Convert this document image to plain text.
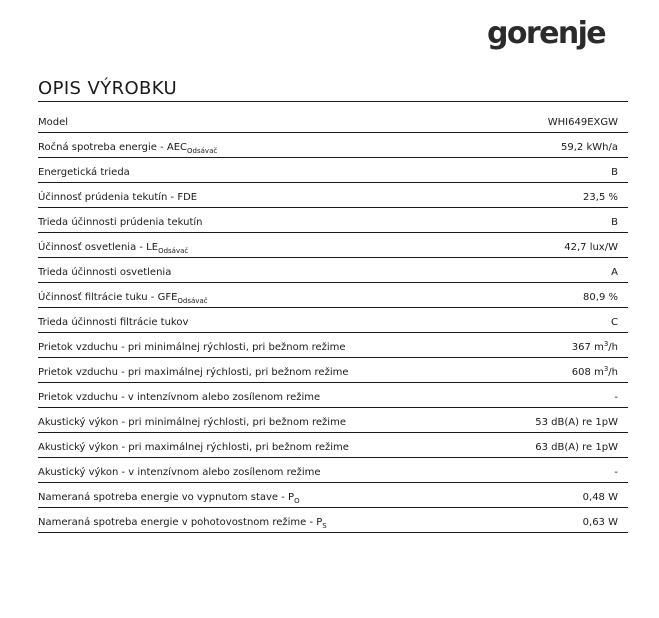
gorenje
OPIS VÝROBKU
Model	WHI649EXGW
Ročná spotreba energie - $AEC_{Odsávač}$	59,2 kWh/a
Energetická trieda	B
Účinnosť prúdenia tekutín - FDE	23,5 %
Trieda účinnosti prúdenia tekutín	B
Účinnosť osvetlenia - $LE_{Odsávač}$	42,7 lux/W
Trieda účinnosti osvetlenia	A
Účinnosť filtrácie tuku - $GFE_{Odsávač}$	80,9 %
Trieda účinnosti filtrácie tukov	C
Prietok vzduchu - pri minimálnej rýchlosti, pri bežnom režime	367 $m^3/h$
Prietok vzduchu - pri maximálnej rýchlosti, pri bežnom režime	608 $m^3/h$
Prietok vzduchu - v intenzívnom alebo zosílenom režime	-
Akustický výkon - pri minimálnej rýchlosti, pri bežnom režime	53 dB(A) re 1pW
Akustický výkon - pri maximálnej rýchlosti, pri bežnom režime	63 dB(A) re 1pW
Akustický výkon - v intenzívnom alebo zosílenom režime	-
Nameraná spotreba energie vo vypnutom stave - $P_O$	0,48 W
Nameraná spotreba energie v pohotovostnom režime - $P_S$	0,63 W
